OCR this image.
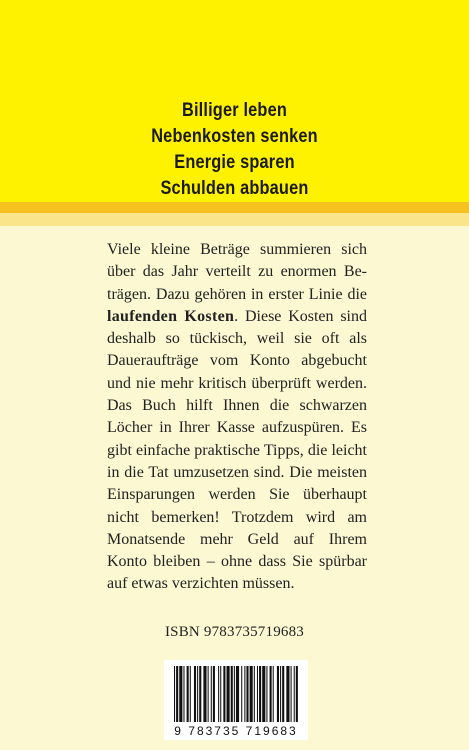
Billiger leben
Nebenkosten senken
Energie sparen
Schulden abbauen

Viele kleine Beträge summieren sich über das Jahr verteilt zu enormen Beträgen. Dazu gehören in erster Linie die laufenden Kosten. Diese Kosten sind deshalb so tückisch, weil sie oft als Daueraufträge vom Konto abgebucht und nie mehr kritisch überprüft werden. Das Buch hilft Ihnen die schwarzen Löcher in Ihrer Kasse aufzuspüren. Es gibt einfache praktische Tipps, die leicht in die Tat umzusetzen sind. Die meisten Einsparungen werden Sie überhaupt nicht bemerken! Trotzdem wird am Monatsende mehr Geld auf Ihrem Konto bleiben – ohne dass Sie spürbar auf etwas verzichten müssen.

ISBN 9783735719683
9 783735 719683
